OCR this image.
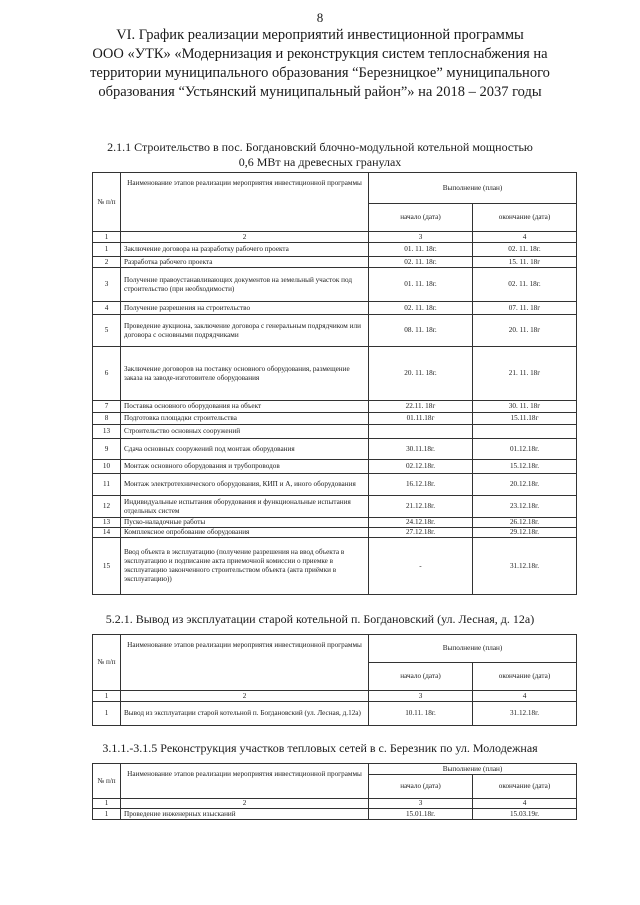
8
VI. График реализации мероприятий инвестиционной программы
ООО «УТК» «Модернизация и реконструкция систем теплоснабжения на
территории муниципального образования “Березницкое” муниципального
образования “Устьянский муниципальный район”» на 2018 – 2037 годы
2.1.1 Строительство в пос. Богдановский блочно-модульной котельной мощностью
0,6 МВт на древесных гранулах
№ п/п	Наименование этапов реализации мероприятия инвестиционной программы	Выполнение (план)	
		начало (дата)	окончание (дата)
1	2	3	4
1	Заключение договора на разработку рабочего проекта	01. 11. 18г.	02. 11. 18г.
2	Разработка рабочего проекта	02. 11. 18г.	15. 11. 18г
3	Получение правоустанавливающих документов на земельный участок под строительство (при необходимости)	01. 11. 18г.	02. 11. 18г.
4	Получение разрешения на строительство	02. 11. 18г.	07. 11. 18г
5	Проведение аукциона, заключение договора с генеральным подрядчиком или договора с основными подрядчиками	08. 11. 18г.	20. 11. 18г
6	Заключение договоров на поставку основного оборудования, размещение заказа на заводе-изготовителе оборудования	20. 11. 18г.	21. 11. 18г
7	Поставка основного оборудования на объект	22.11. 18г	30. 11. 18г
8	Подготовка площадки строительства	01.11.18г	15.11.18г
13	Строительство основных сооружений		
9	Сдача основных сооружений под монтаж оборудования	30.11.18г.	01.12.18г.
10	Монтаж основного оборудования и трубопроводов	02.12.18г.	15.12.18г.
11	Монтаж электротехнического оборудования, КИП и А, иного оборудования	16.12.18г.	20.12.18г.
12	Индивидуальные испытания оборудования и функциональные испытания отдельных систем	21.12.18г.	23.12.18г.
13	Пуско-наладочные работы	24.12.18г.	26.12.18г.
14	Комплексное опробование оборудования	27.12.18г.	29.12.18г.
15	Ввод объекта в эксплуатацию (получение разрешения на ввод объекта в эксплуатацию и подписание акта приемочной комиссии о приемке в эксплуатацию законченного строительством объекта (акта приёмки в эксплуатацию))	-	31.12.18г.
5.2.1. Вывод из эксплуатации старой котельной п. Богдановский (ул. Лесная, д. 12а)
№ п/п	Наименование этапов реализации мероприятия инвестиционной программы	Выполнение (план)	
		начало (дата)	окончание (дата)
1	2	3	4
1	Вывод из эксплуатации старой котельной п. Богдановский (ул. Лесная, д.12а)	10.11. 18г.	31.12.18г.
3.1.1.-3.1.5 Реконструкция участков тепловых сетей в с. Березник по ул. Молодежная
№ п/п	Наименование этапов реализации мероприятия инвестиционной программы	Выполнение (план)	
		начало (дата)	окончание (дата)
1	2	3	4
1	Проведение инженерных изысканий	15.01.18г.	15.03.19г.
